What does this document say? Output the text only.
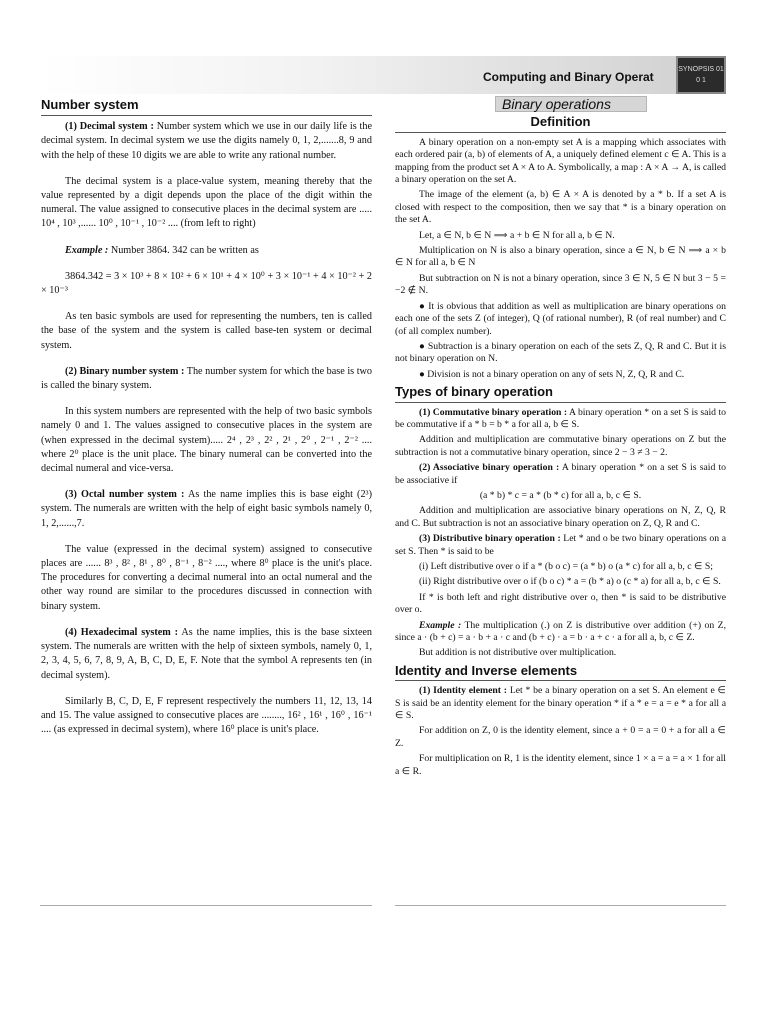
Computing and Binary Operat
SYNOPSIS 01 0 1
Number system

(1) Decimal system : Number system which we use in our daily life is the decimal system. In decimal system we use the digits namely 0, 1, 2,.......8, 9 and with the help of these 10 digits we are able to write any rational number.

The decimal system is a place-value system, meaning thereby that the value represented by a digit depends upon the place of the digit within the numeral. The value assigned to consecutive places in the decimal system are ..... 10⁴ , 10³ ,...... 10⁰ , 10⁻¹ , 10⁻² .... (from left to right)

Example : Number 3864. 342 can be written as

3864.342 = 3 × 10³ + 8 × 10² + 6 × 10¹ + 4 × 10⁰ + 3 × 10⁻¹ + 4 × 10⁻² + 2 × 10⁻³

As ten basic symbols are used for representing the numbers, ten is called the base of the system and the system is called base-ten system or decimal system.

(2) Binary number system : The number system for which the base is two is called the binary system.

In this system numbers are represented with the help of two basic symbols namely 0 and 1. The values assigned to consecutive places in the system are (when expressed in the decimal system)..... 2⁴ , 2³ , 2² , 2¹ , 2⁰ , 2⁻¹ , 2⁻² .... where 2⁰ place is the unit place. The binary numeral can be converted into the decimal numeral and vice-versa.

(3) Octal number system : As the name implies this is base eight (2³) system. The numerals are written with the help of eight basic symbols namely 0, 1, 2,......,7.

The value (expressed in the decimal system) assigned to consecutive places are ...... 8³ , 8² , 8¹ , 8⁰ , 8⁻¹ , 8⁻² ...., where 8⁰ place is the unit's place. The procedures for converting a decimal numeral into an octal numeral and the other way round are similar to the procedures discussed in connection with binary system.

(4) Hexadecimal system : As the name implies, this is the base sixteen system. The numerals are written with the help of sixteen symbols, namely 0, 1, 2, 3, 4, 5, 6, 7, 8, 9, A, B, C, D, E, F. Note that the symbol A represents ten (in decimal system).

Similarly B, C, D, E, F represent respectively the numbers 11, 12, 13, 14 and 15. The value assigned to consecutive places are ........, 16² , 16¹ , 16⁰ , 16⁻¹ .... (as expressed in decimal system), where 16⁰ place is unit's place.

Binary operations
Definition

A binary operation on a non-empty set A is a mapping which associates with each ordered pair (a, b) of elements of A, a uniquely defined element c ∈ A. This is a mapping from the product set A × A to A. Symbolically, a map : A × A → A, is called a binary operation on the set A.

The image of the element (a, b) ∈ A × A is denoted by a * b. If a set A is closed with respect to the composition, then we say that * is a binary operation on the set A.

Let, a ∈ N, b ∈ N ⟹ a + b ∈ N for all a, b ∈ N.

Multiplication on N is also a binary operation, since a ∈ N, b ∈ N ⟹ a × b ∈ N for all a, b ∈ N

But subtraction on N is not a binary operation, since 3 ∈ N, 5 ∈ N but 3 − 5 = −2 ∉ N.

● It is obvious that addition as well as multiplication are binary operations on each one of the sets Z (of integer), Q (of rational number), R (of real number) and C (of all complex number).

● Subtraction is a binary operation on each of the sets Z, Q, R and C. But it is not binary operation on N.

● Division is not a binary operation on any of sets N, Z, Q, R and C.

Types of binary operation

(1) Commutative binary operation : A binary operation * on a set S is said to be commutative if a * b = b * a for all a, b ∈ S.

Addition and multiplication are commutative binary operations on Z but the subtraction is not a commutative binary operation, since 2 − 3 ≠ 3 − 2.

(2) Associative binary operation : A binary operation * on a set S is said to be associative if

(a * b) * c = a * (b * c) for all a, b, c ∈ S.

Addition and multiplication are associative binary operations on N, Z, Q, R and C. But subtraction is not an associative binary operation on Z, Q, R and C.

(3) Distributive binary operation : Let * and o be two binary operations on a set S. Then * is said to be

(i) Left distributive over o if a * (b o c) = (a * b) o (a * c) for all a, b, c ∈ S;

(ii) Right distributive over o if (b o c) * a = (b * a) o (c * a) for all a, b, c ∈ S.

If * is both left and right distributive over o, then * is said to be distributive over o.

Example : The multiplication (.) on Z is distributive over addition (+) on Z, since a · (b + c) = a · b + a · c and (b + c) · a = b · a + c · a for all a, b, c ∈ Z.

But addition is not distributive over multiplication.

Identity and Inverse elements

(1) Identity element : Let * be a binary operation on a set S. An element e ∈ S is said be an identity element for the binary operation * if a * e = a = e * a for all a ∈ S.

For addition on Z, 0 is the identity element, since a + 0 = a = 0 + a for all a ∈ Z.

For multiplication on R, 1 is the identity element, since 1 × a = a = a × 1 for all a ∈ R.
